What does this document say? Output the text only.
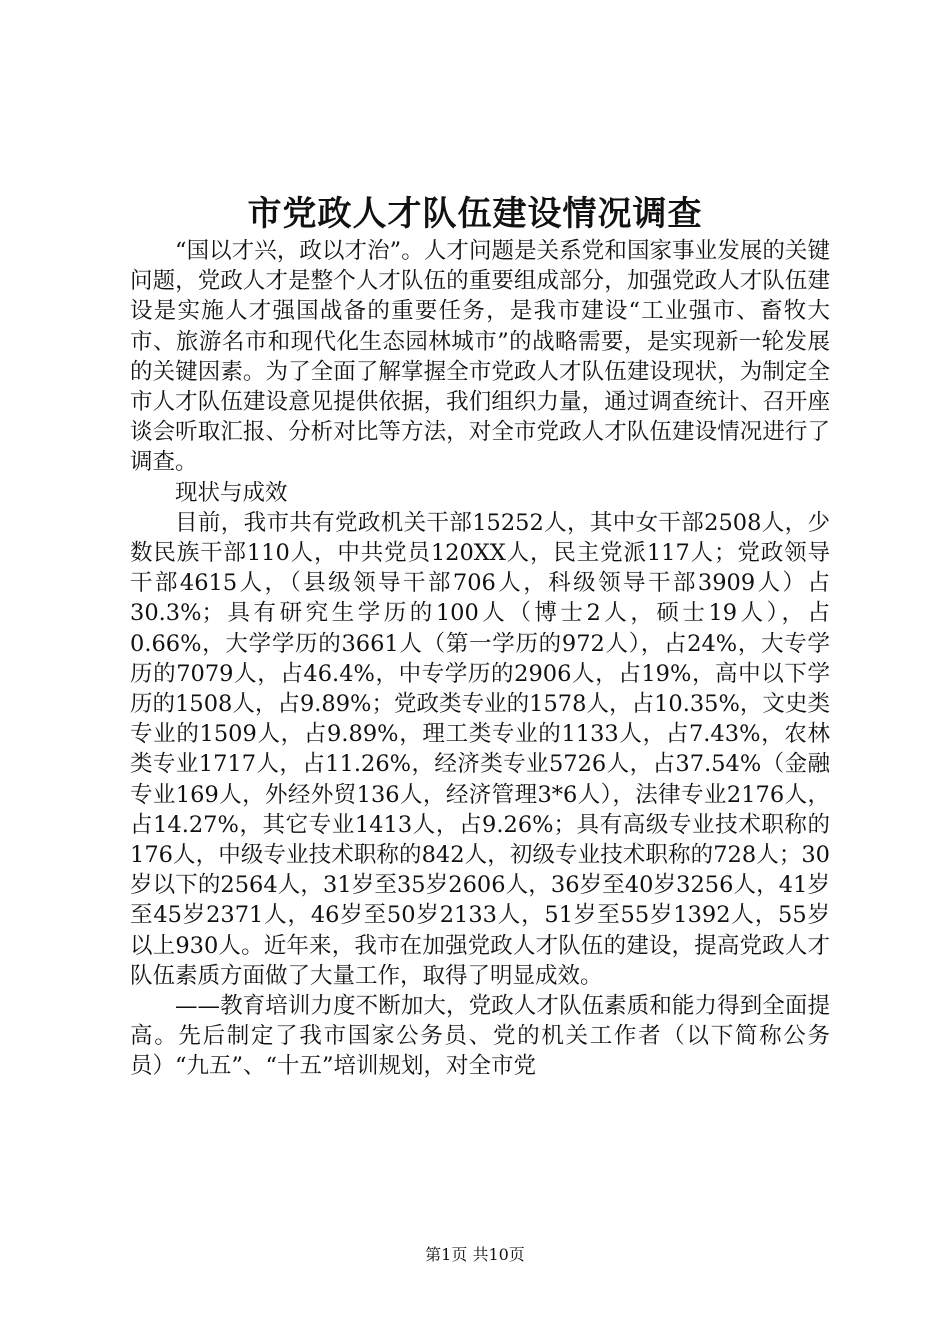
市党政人才队伍建设情况调查

“国以才兴，政以才治”。人才问题是关系党和国家事业发展的关键问题，党政人才是整个人才队伍的重要组成部分，加强党政人才队伍建设是实施人才强国战备的重要任务，是我市建设“工业强市、畜牧大市、旅游名市和现代化生态园林城市”的战略需要，是实现新一轮发展的关键因素。为了全面了解掌握全市党政人才队伍建设现状，为制定全市人才队伍建设意见提供依据，我们组织力量，通过调查统计、召开座谈会听取汇报、分析对比等方法，对全市党政人才队伍建设情况进行了调查。

现状与成效

目前，我市共有党政机关干部15252人，其中女干部2508人，少数民族干部110人，中共党员120XX人，民主党派117人；党政领导干部4615人，（县级领导干部706人，科级领导干部3909人）占30.3%；具有研究生学历的100人（博士2人，硕士19人），占0.66%，大学学历的3661人（第一学历的972人），占24%，大专学历的7079人，占46.4%，中专学历的2906人，占19%，高中以下学历的1508人，占9.89%；党政类专业的1578人，占10.35%，文史类专业的1509人，占9.89%，理工类专业的1133人，占7.43%，农林类专业1717人，占11.26%，经济类专业5726人，占37.54%（金融专业169人，外经外贸136人，经济管理3*6人），法律专业2176人，占14.27%，其它专业1413人，占9.26%；具有高级专业技术职称的176人，中级专业技术职称的842人，初级专业技术职称的728人；30岁以下的2564人，31岁至35岁2606人，36岁至40岁3256人，41岁至45岁2371人，46岁至50岁2133人，51岁至55岁1392人，55岁以上930人。近年来，我市在加强党政人才队伍的建设，提高党政人才队伍素质方面做了大量工作，取得了明显成效。

——教育培训力度不断加大，党政人才队伍素质和能力得到全面提高。先后制定了我市国家公务员、党的机关工作者（以下简称公务员）“九五”、“十五”培训规划，对全市党

第1页 共10页
